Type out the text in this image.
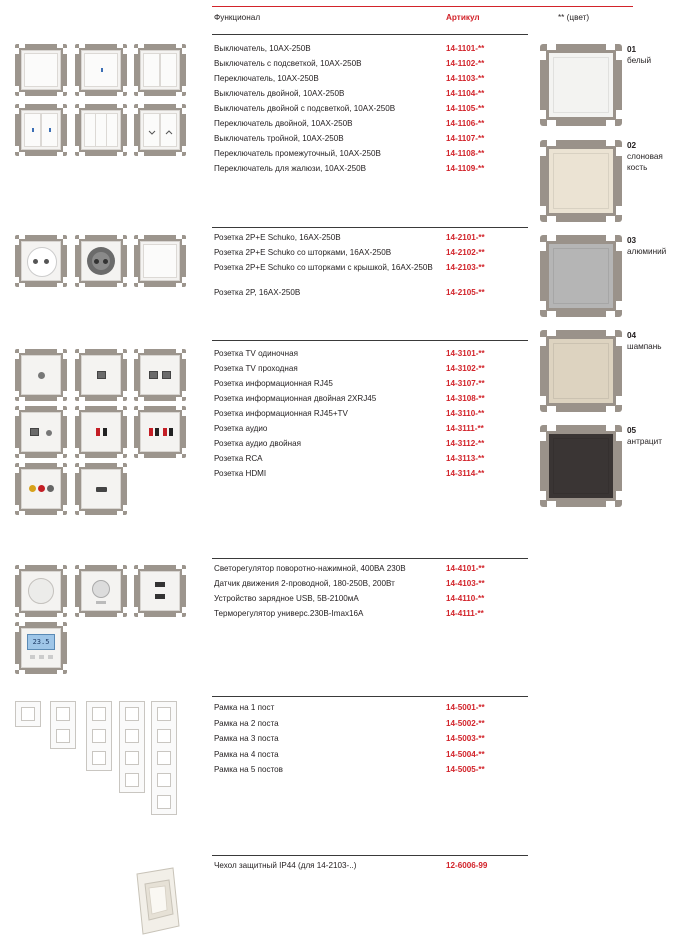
Функционал	Артикул	** (цвет)
Выключатель, 10АХ-250В	14-1101-**
Выключатель с подсветкой, 10АХ-250В	14-1102-**
Переключатель, 10АХ-250В	14-1103-**
Выключатель двойной, 10АХ-250В	14-1104-**
Выключатель двойной с подсветкой, 10АХ-250В	14-1105-**
Переключатель двойной, 10АХ-250В	14-1106-**
Выключатель тройной, 10АХ-250В	14-1107-**
Переключатель промежуточный, 10АХ-250В	14-1108-**
Переключатель для жалюзи, 10АХ-250В	14-1109-**
Розетка 2P+E Schuko, 16АХ-250В	14-2101-**
Розетка 2P+E Schuko со шторками, 16АХ-250В	14-2102-**
Розетка 2P+E Schuko со шторками с крышкой, 16АХ-250В	14-2103-**
Розетка 2P, 16АХ-250В	14-2105-**
Розетка TV одиночная	14-3101-**
Розетка TV проходная	14-3102-**
Розетка информационная RJ45	14-3107-**
Розетка информационная двойная 2XRJ45	14-3108-**
Розетка информационная RJ45+TV	14-3110-**
Розетка аудио	14-3111-**
Розетка аудио двойная	14-3112-**
Розетка RCA	14-3113-**
Розетка HDMI	14-3114-**
Светорегулятор поворотно-нажимной, 400ВА 230В	14-4101-**
Датчик движения 2-проводной, 180-250В, 200Вт	14-4103-**
Устройство зарядное USB, 5В-2100мА	14-4110-**
Терморегулятор универс.230В-Imax16A	14-4111-**
23.5
Рамка на 1 пост	14-5001-**
Рамка на 2 поста	14-5002-**
Рамка на 3 поста	14-5003-**
Рамка на 4 поста	14-5004-**
Рамка на 5 постов	14-5005-**
Чехол защитный IP44 (для 14-2103-..)	12-6006-99
01
белый
02
слоновая кость
03
алюминий
04
шампань
05
антрацит
